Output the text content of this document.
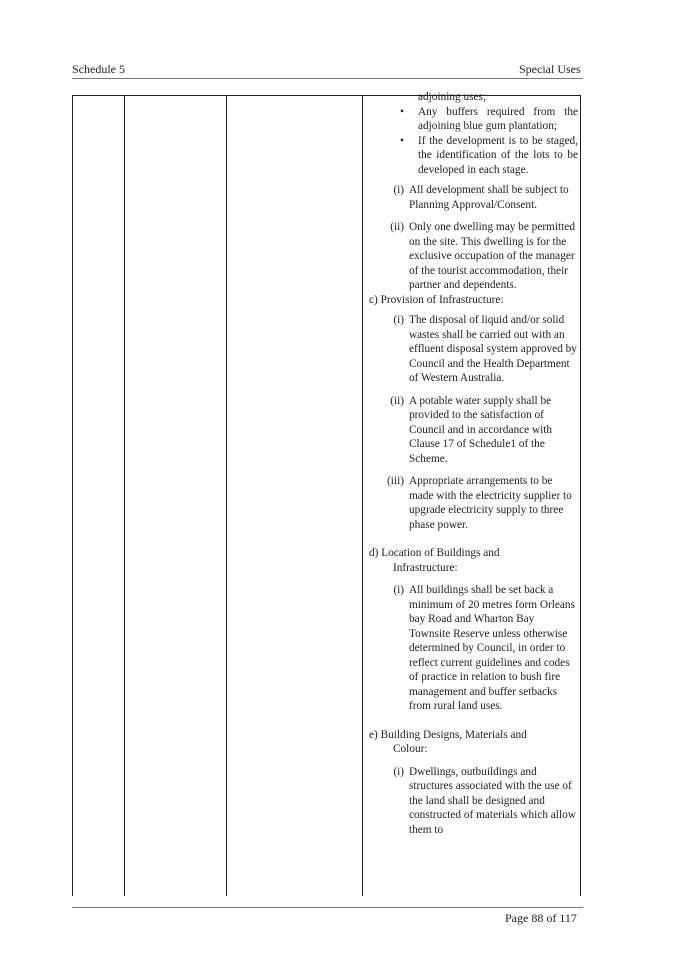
Schedule 5	Special Uses
adjoining uses;
• Any buffers required from the adjoining blue gum plantation;
• If the development is to be staged, the identification of the lots to be developed in each stage.
(i) All development shall be subject to Planning Approval/Consent.
(ii) Only one dwelling may be permitted on the site. This dwelling is for the exclusive occupation of the manager of the tourist accommodation, their partner and dependents.
c) Provision of Infrastructure:
(i) The disposal of liquid and/or solid wastes shall be carried out with an effluent disposal system approved by Council and the Health Department of Western Australia.
(ii) A potable water supply shall be provided to the satisfaction of Council and in accordance with Clause 17 of Schedule1 of the Scheme.
(iii) Appropriate arrangements to be made with the electricity supplier to upgrade electricity supply to three phase power.
d) Location of Buildings and
Infrastructure:
(i) All buildings shall be set back a minimum of 20 metres form Orleans bay Road and Wharton Bay Townsite Reserve unless otherwise determined by Council, in order to reflect current guidelines and codes of practice in relation to bush fire management and buffer setbacks from rural land uses.
e) Building Designs, Materials and
Colour:
(i) Dwellings, outbuildings and structures associated with the use of the land shall be designed and constructed of materials which allow them to
Page 88 of 117
